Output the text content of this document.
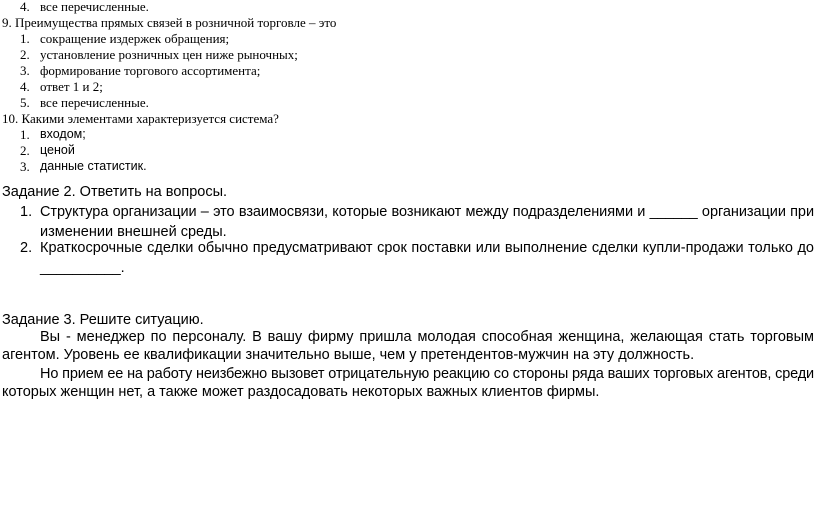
4. все перечисленные.
9. Преимущества прямых связей в розничной торговле – это
1. сокращение издержек обращения;
2. установление розничных цен ниже рыночных;
3. формирование торгового ассортимента;
4. ответ 1 и 2;
5. все перечисленные.
10. Какими элементами характеризуется система?
1. входом;
2. ценой
3. данные статистик.
Задание 2. Ответить на вопросы.
1. Структура организации – это взаимосвязи, которые возникают между подразделениями и ______ организации при
изменении внешней среды.
2. Краткосрочные сделки обычно предусматривают срок поставки или выполнение сделки купли-продажи только до
__________.
Задание 3. Решите ситуацию.
Вы - менеджер по персоналу. В вашу фирму пришла молодая способная женщина, желающая стать торговым
агентом. Уровень ее квалификации значительно выше, чем у претендентов-мужчин на эту должность.
Но прием ее на работу неизбежно вызовет отрицательную реакцию со стороны ряда ваших торговых агентов, среди
которых женщин нет, а также может раздосадовать некоторых важных клиентов фирмы.
